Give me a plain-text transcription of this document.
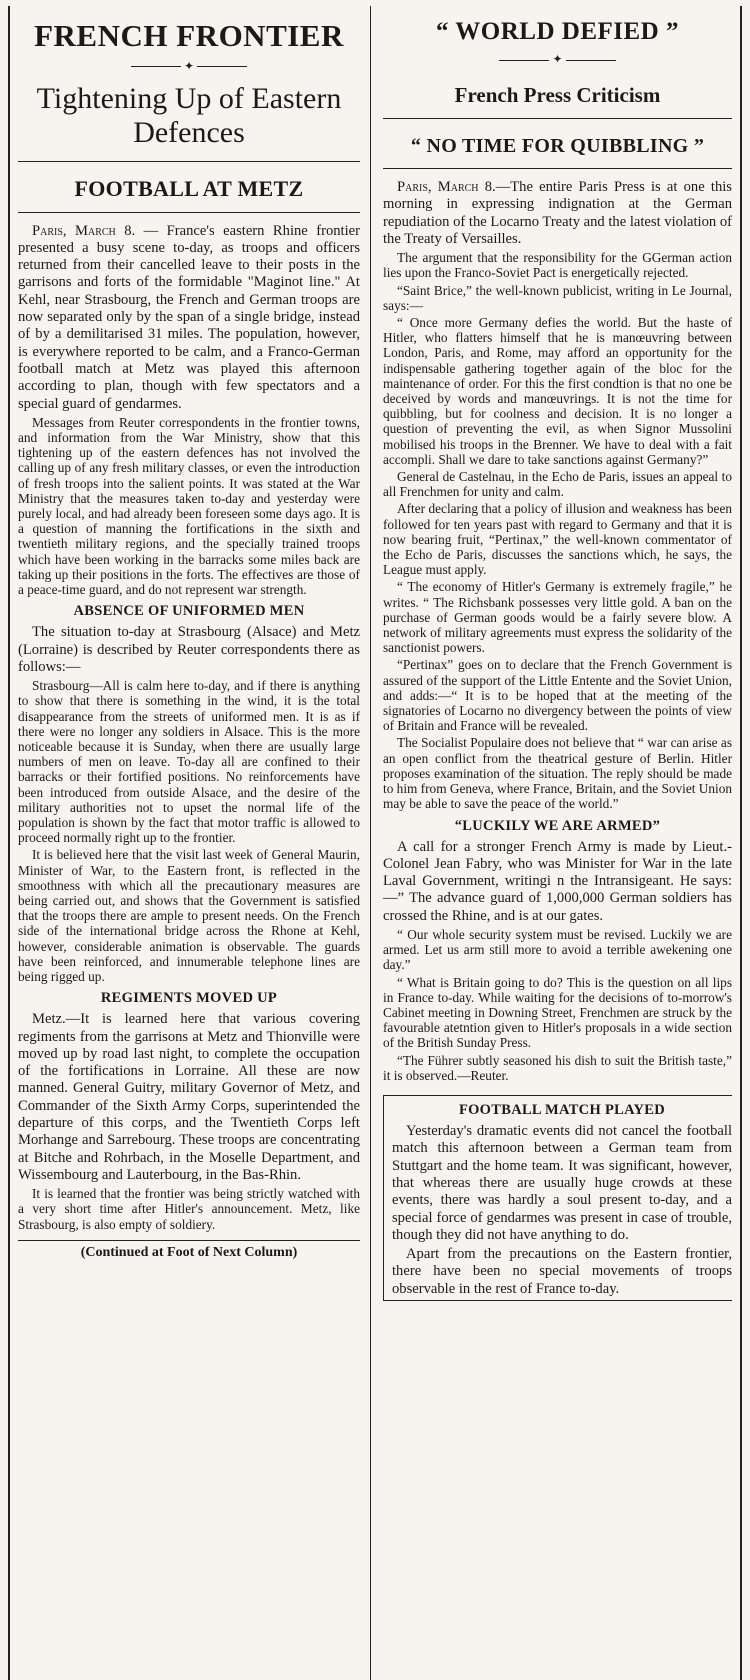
FRENCH FRONTIER
✦
Tightening Up of Eastern Defences
FOOTBALL AT METZ

Paris, March 8. — France's eastern Rhine frontier presented a busy scene to-day, as troops and officers returned from their cancelled leave to their posts in the garrisons and forts of the formidable "Maginot line." At Kehl, near Strasbourg, the French and German troops are now separated only by the span of a single bridge, instead of by a demilitarised 31 miles. The population, however, is everywhere reported to be calm, and a Franco-German football match at Metz was played this afternoon according to plan, though with few spectators and a special guard of gendarmes.

Messages from Reuter correspondents in the frontier towns, and information from the War Ministry, show that this tightening up of the eastern defences has not involved the calling up of any fresh military classes, or even the introduction of fresh troops into the salient points. It was stated at the War Ministry that the measures taken to-day and yesterday were purely local, and had already been foreseen some days ago. It is a question of manning the fortifications in the sixth and twentieth military regions, and the specially trained troops which have been working in the barracks some miles back are taking up their positions in the forts. The effectives are those of a peace-time guard, and do not represent war strength.

ABSENCE OF UNIFORMED MEN

The situation to-day at Strasbourg (Alsace) and Metz (Lorraine) is described by Reuter correspondents there as follows:—

Strasbourg—All is calm here to-day, and if there is anything to show that there is something in the wind, it is the total disappearance from the streets of uniformed men. It is as if there were no longer any soldiers in Alsace. This is the more noticeable because it is Sunday, when there are usually large numbers of men on leave. To-day all are confined to their barracks or their fortified positions. No reinforcements have been introduced from outside Alsace, and the desire of the military authorities not to upset the normal life of the population is shown by the fact that motor traffic is allowed to proceed normally right up to the frontier.

It is believed here that the visit last week of General Maurin, Minister of War, to the Eastern front, is reflected in the smoothness with which all the precautionary measures are being carried out, and shows that the Government is satisfied that the troops there are ample to present needs. On the French side of the international bridge across the Rhone at Kehl, however, considerable animation is observable. The guards have been reinforced, and innumerable telephone lines are being rigged up.

REGIMENTS MOVED UP

Metz.—It is learned here that various covering regiments from the garrisons at Metz and Thionville were moved up by road last night, to complete the occupation of the fortifications in Lorraine. All these are now manned. General Guitry, military Governor of Metz, and Commander of the Sixth Army Corps, superintended the departure of this corps, and the Twentieth Corps left Morhange and Sarrebourg. These troops are concentrating at Bitche and Rohrbach, in the Moselle Department, and Wissembourg and Lauterbourg, in the Bas-Rhin.

It is learned that the frontier was being strictly watched with a very short time after Hitler's announcement. Metz, like Strasbourg, is also empty of soldiery.

(Continued at Foot of Next Column)
“ WORLD DEFIED ”
✦
French Press Criticism
“ NO TIME FOR QUIBBLING ”

Paris, March 8.—The entire Paris Press is at one this morning in expressing indignation at the German repudiation of the Locarno Treaty and the latest violation of the Treaty of Versailles.

The argument that the responsibility for the GGerman action lies upon the Franco-Soviet Pact is energetically rejected.

“Saint Brice,” the well-known publicist, writing in Le Journal, says:—

“ Once more Germany defies the world. But the haste of Hitler, who flatters himself that he is manœuvring between London, Paris, and Rome, may afford an opportunity for the indispensable gathering together again of the bloc for the maintenance of order. For this the first condtion is that no one be deceived by words and manœuvrings. It is not the time for quibbling, but for coolness and decision. It is no longer a question of preventing the evil, as when Signor Mussolini mobilised his troops in the Brenner. We have to deal with a fait accompli. Shall we dare to take sanctions against Germany?”

General de Castelnau, in the Echo de Paris, issues an appeal to all Frenchmen for unity and calm.

After declaring that a policy of illusion and weakness has been followed for ten years past with regard to Germany and that it is now bearing fruit, “Pertinax,” the well-known commentator of the Echo de Paris, discusses the sanctions which, he says, the League must apply.

“ The economy of Hitler's Germany is extremely fragile,” he writes. “ The Richsbank possesses very little gold. A ban on the purchase of German goods would be a fairly severe blow. A network of military agreements must express the solidarity of the sanctionist powers.

“Pertinax” goes on to declare that the French Government is assured of the support of the Little Entente and the Soviet Union, and adds:—“ It is to be hoped that at the meeting of the signatories of Locarno no divergency between the points of view of Britain and France will be revealed.

The Socialist Populaire does not believe that “ war can arise as an open conflict from the theatrical gesture of Berlin. Hitler proposes examination of the situation. The reply should be made to him from Geneva, where France, Britain, and the Soviet Union may be able to save the peace of the world.”

“LUCKILY WE ARE ARMED”

A call for a stronger French Army is made by Lieut.-Colonel Jean Fabry, who was Minister for War in the late Laval Government, writingi n the Intransigeant. He says: —” The advance guard of 1,000,000 German soldiers has crossed the Rhine, and is at our gates.

“ Our whole security system must be revised. Luckily we are armed. Let us arm still more to avoid a terrible awekening one day.”

“ What is Britain going to do? This is the question on all lips in France to-day. While waiting for the decisions of to-morrow's Cabinet meeting in Downing Street, Frenchmen are struck by the favourable atetntion given to Hitler's proposals in a wide section of the British Sunday Press.

“The Führer subtly seasoned his dish to suit the British taste,” it is observed.—Reuter.

FOOTBALL MATCH PLAYED

Yesterday's dramatic events did not cancel the football match this afternoon between a German team from Stuttgart and the home team. It was significant, however, that whereas there are usually huge crowds at these events, there was hardly a soul present to-day, and a special force of gendarmes was present in case of trouble, though they did not have anything to do.

Apart from the precautions on the Eastern frontier, there have been no special movements of troops observable in the rest of France to-day.
